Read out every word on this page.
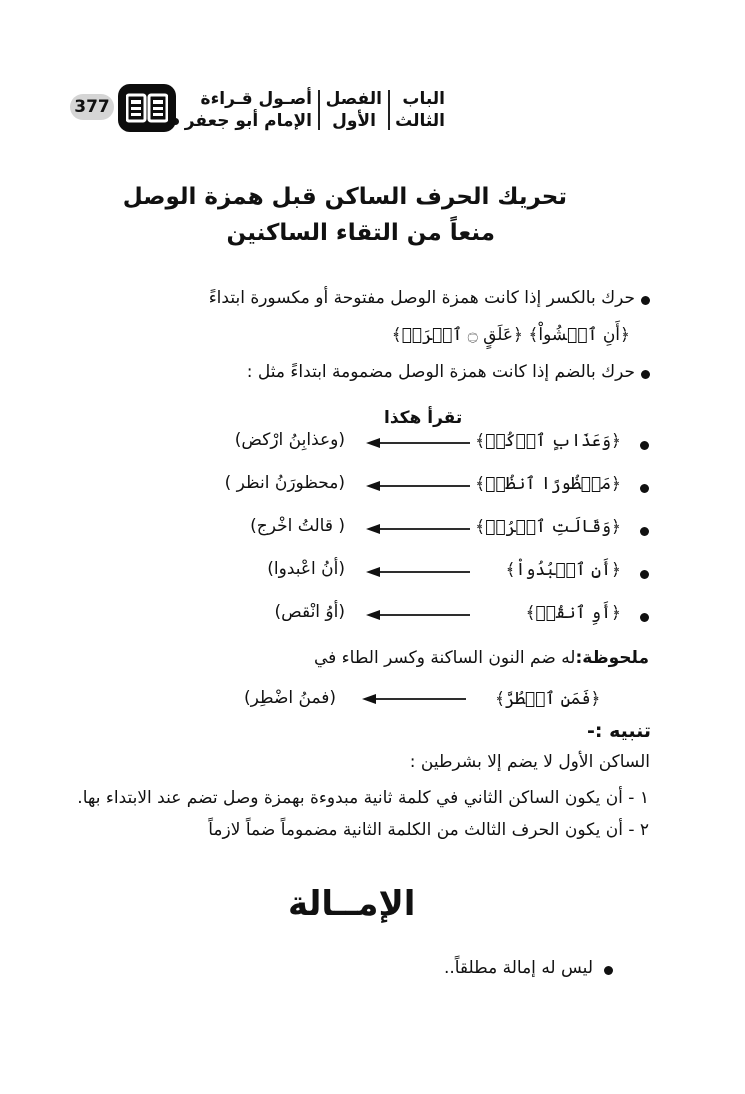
الباب
الثالث
الفصل
الأول
أصـول قـراءة
الإمام أبو جعفر
377
تحريك الحرف الساكن قبل همزة الوصل
منعاً من التقاء الساكنين
حرك بالكسر إذا كانت همزة الوصل مفتوحة أو مكسورة ابتداءً
﴿أَنِ ٱمۡشُواْ﴾ ﴿عَلَقٍ ۝ ٱقۡرَأۡ﴾
حرك بالضم إذا كانت همزة الوصل مضمومة ابتداءً مثل :
تقرأ هكذا
﴿وَعَذَابٍ ٱرۡكُضۡ﴾
(وعذابِنُ ارْكض)
﴿مَحۡظُورًا ٱنظُرۡ﴾
(محظورَنُ انظر )
﴿وَقَالَتِ ٱخۡرُجۡ﴾
( قالتُ اخْرج)
﴿أَنِ ٱعۡبُدُواْ﴾
(أنُ اعْبدوا)
﴿أَوِ ٱنقُصۡ﴾
(أوُ انْقص)
ملحوظة:له ضم النون الساكنة وكسر الطاء في
﴿فَمَنِ ٱضۡطُرَّ﴾
(فمنُ اضْطِر)
تنبيه :-
الساكن الأول لا يضم إلا بشرطين :
١ - أن يكون الساكن الثاني في كلمة ثانية مبدوءة بهمزة وصل تضم عند الابتداء بها.
٢ - أن يكون الحرف الثالث من الكلمة الثانية مضموماً ضماً لازماً
الإمــالة
ليس له إمالة مطلقاً..
